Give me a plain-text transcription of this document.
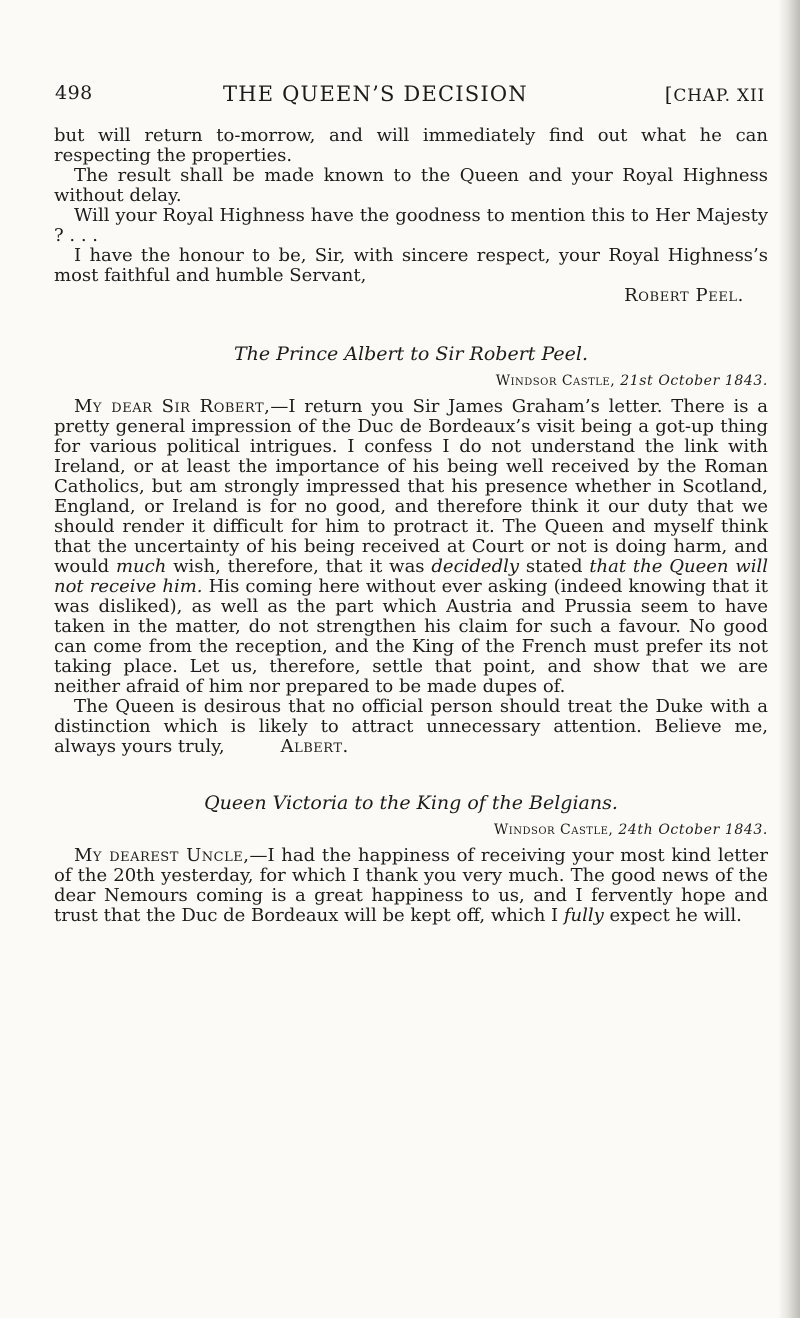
498	THE QUEEN’S DECISION	[CHAP. XII

but will return to-morrow, and will immediately find out what he can respecting the properties.

The result shall be made known to the Queen and your Royal Highness without delay.

Will your Royal Highness have the goodness to mention this to Her Majesty ? . . .

I have the honour to be, Sir, with sincere respect, your Royal Highness’s most faithful and humble Servant,

Robert Peel.

The Prince Albert to Sir Robert Peel.

Windsor Castle, 21st October 1843.

My dear Sir Robert,—I return you Sir James Graham’s letter. There is a pretty general impression of the Duc de Bordeaux’s visit being a got-up thing for various political intrigues. I confess I do not understand the link with Ireland, or at least the importance of his being well received by the Roman Catholics, but am strongly impressed that his presence whether in Scotland, England, or Ireland is for no good, and therefore think it our duty that we should render it difficult for him to protract it. The Queen and myself think that the uncertainty of his being received at Court or not is doing harm, and would much wish, therefore, that it was decidedly stated that the Queen will not receive him. His coming here without ever asking (indeed knowing that it was disliked), as well as the part which Austria and Prussia seem to have taken in the matter, do not strengthen his claim for such a favour. No good can come from the reception, and the King of the French must prefer its not taking place. Let us, therefore, settle that point, and show that we are neither afraid of him nor prepared to be made dupes of.

The Queen is desirous that no official person should treat the Duke with a distinction which is likely to attract unnecessary attention. Believe me, always yours truly,	Albert.

Queen Victoria to the King of the Belgians.

Windsor Castle, 24th October 1843.

My dearest Uncle,—I had the happiness of receiving your most kind letter of the 20th yesterday, for which I thank you very much. The good news of the dear Nemours coming is a great happiness to us, and I fervently hope and trust that the Duc de Bordeaux will be kept off, which I fully expect he will.
